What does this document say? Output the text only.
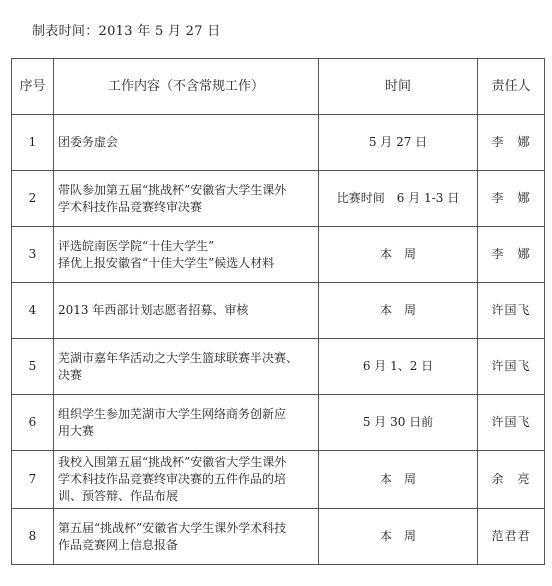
制表时间：2013 年 5 月 27 日
序号	工作内容（不含常规工作）	时间	责任人
1	团委务虚会	5 月 27 日	李　娜
2	带队参加第五届“挑战杯”安徽省大学生课外
学术科技作品竞赛终审决赛	比赛时间　6 月 1-3 日	李　娜
3	评选皖南医学院“十佳大学生”
择优上报安徽省“十佳大学生”候选人材料	本　周	李　娜
4	2013 年西部计划志愿者招募、审核	本　周	许国飞
5	芜湖市嘉年华活动之大学生篮球联赛半决赛、
决赛	6 月 1、2 日	许国飞
6	组织学生参加芜湖市大学生网络商务创新应
用大赛	5 月 30 日前	许国飞
7	我校入围第五届“挑战杯”安徽省大学生课外
学术科技作品竞赛终审决赛的五件作品的培
训、预答辩、作品布展	本　周	余　亮
8	第五届“挑战杯”安徽省大学生课外学术科技
作品竞赛网上信息报备	本　周	范君君
